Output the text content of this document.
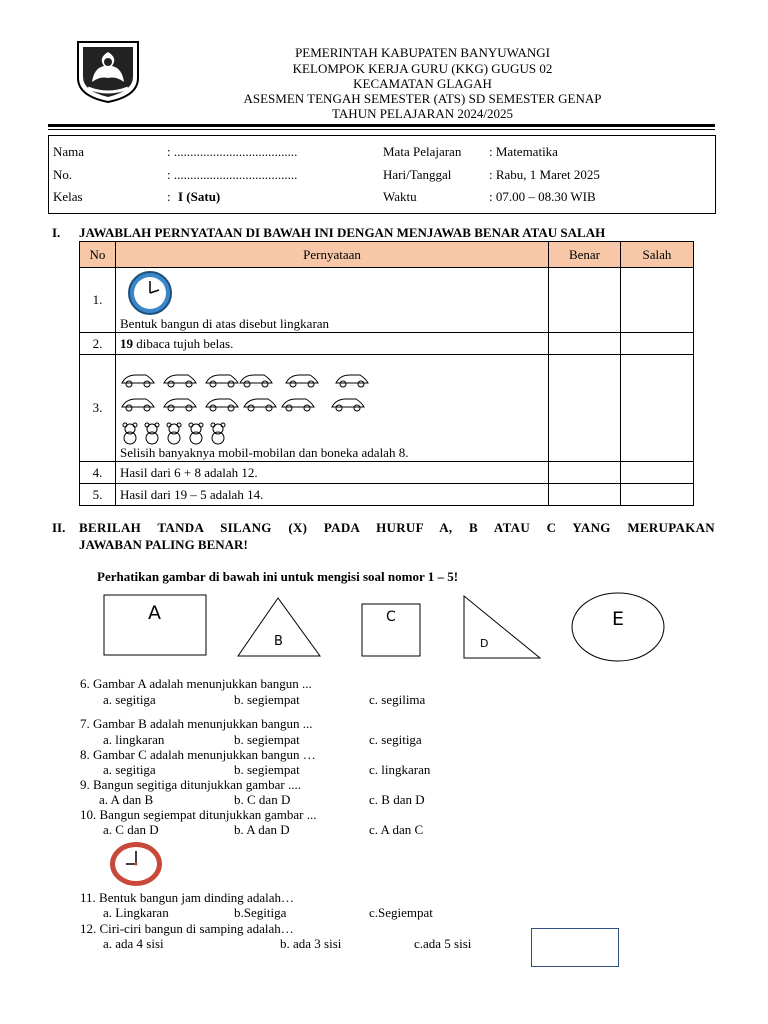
PEMERINTAH KABUPATEN BANYUWANGI
KELOMPOK KERJA GURU (KKG) GUGUS 02
KECAMATAN GLAGAH
ASESMEN TENGAH SEMESTER (ATS) SD SEMESTER GENAP
TAHUN PELAJARAN 2024/2025
Nama	: ......................................
No.	: ......................................
Kelas	: I (Satu)
Mata Pelajaran : Matematika
Hari/Tanggal	: Rabu, 1 Maret 2025
Waktu	: 07.00 – 08.30 WIB
I. JAWABLAH PERNYATAAN DI BAWAH INI DENGAN MENJAWAB BENAR ATAU SALAH
No	Pernyataan	Benar	Salah
1.	Bentuk bangun di atas disebut lingkaran		
2.	19 dibaca tujuh belas.		
3.	Selisih banyaknya mobil-mobilan dan boneka adalah 8.		
4.	Hasil dari 6 + 8 adalah 12.		
5.	Hasil dari 19 – 5 adalah 14.		
II. BERILAH TANDA SILANG (X) PADA HURUF A, B ATAU C YANG MERUPAKAN
JAWABAN PALING BENAR!
Perhatikan gambar di bawah ini untuk mengisi soal nomor 1 – 5!
A
B
C
D
E
6. Gambar A adalah menunjukkan bangun ...
a. segitiga	b. segiempat	c. segilima
7. Gambar B adalah menunjukkan bangun ...
a. lingkaran	b. segiempat	c. segitiga
8. Gambar C adalah menunjukkan bangun …
a. segitiga	b. segiempat	c. lingkaran
9. Bangun segitiga ditunjukkan gambar ....
a. A dan B	b. C dan D	c. B dan D
10. Bangun segiempat ditunjukkan gambar ...
a. C dan D	b. A dan D	c. A dan C
11. Bentuk bangun jam dinding adalah…
a. Lingkaran	b.Segitiga	c.Segiempat
12. Ciri-ciri bangun di samping adalah…
a. ada 4 sisi	b. ada 3 sisi	c.ada 5 sisi
